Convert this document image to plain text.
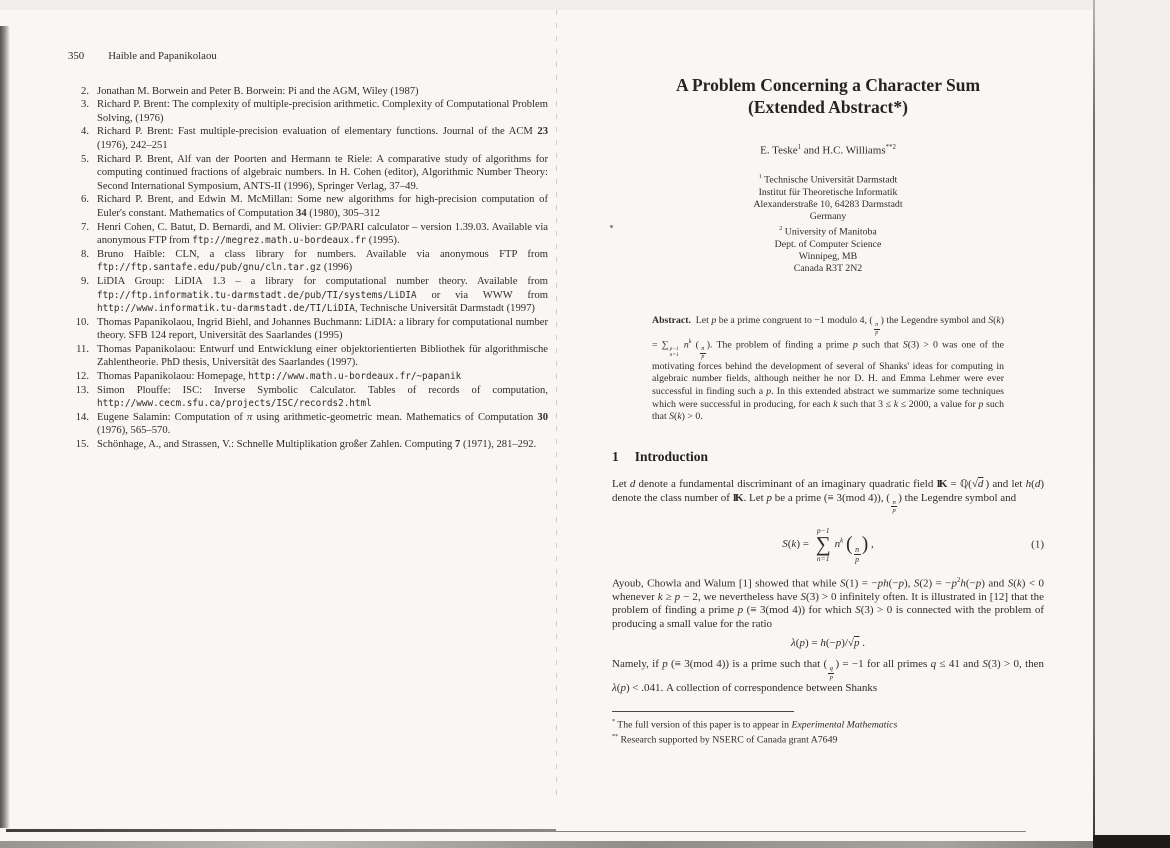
350 Haible and Papanikolaou
2. Jonathan M. Borwein and Peter B. Borwein: Pi and the AGM, Wiley (1987)
3. Richard P. Brent: The complexity of multiple-precision arithmetic. Complexity of Computational Problem Solving, (1976)
4. Richard P. Brent: Fast multiple-precision evaluation of elementary functions. Journal of the ACM 23 (1976), 242–251
5. Richard P. Brent, Alf van der Poorten and Hermann te Riele: A comparative study of algorithms for computing continued fractions of algebraic numbers. In H. Cohen (editor), Algorithmic Number Theory: Second International Symposium, ANTS-II (1996), Springer Verlag, 37–49.
6. Richard P. Brent, and Edwin M. McMillan: Some new algorithms for high-precision computation of Euler's constant. Mathematics of Computation 34 (1980), 305–312
7. Henri Cohen, C. Batut, D. Bernardi, and M. Olivier: GP/PARI calculator – version 1.39.03. Available via anonymous FTP from ftp://megrez.math.u-bordeaux.fr (1995).
8. Bruno Haible: CLN, a class library for numbers. Available via anonymous FTP from ftp://ftp.santafe.edu/pub/gnu/cln.tar.gz (1996)
9. LiDIA Group: LiDIA 1.3 – a library for computational number theory. Available from ftp://ftp.informatik.tu-darmstadt.de/pub/TI/systems/LiDIA or via WWW from http://www.informatik.tu-darmstadt.de/TI/LiDIA, Technische Universität Darmstadt (1997)
10. Thomas Papanikolaou, Ingrid Biehl, and Johannes Buchmann: LiDIA: a library for computational number theory. SFB 124 report, Universität des Saarlandes (1995)
11. Thomas Papanikolaou: Entwurf und Entwicklung einer objektorientierten Bibliothek für algorithmische Zahlentheorie. PhD thesis, Universität des Saarlandes (1997).
12. Thomas Papanikolaou: Homepage, http://www.math.u-bordeaux.fr/~papanik
13. Simon Plouffe: ISC: Inverse Symbolic Calculator. Tables of records of computation, http://www.cecm.sfu.ca/projects/ISC/records2.html
14. Eugene Salamin: Computation of π using arithmetic-geometric mean. Mathematics of Computation 30 (1976), 565–570.
15. Schönhage, A., and Strassen, V.: Schnelle Multiplikation großer Zahlen. Computing 7 (1971), 281–292.
A Problem Concerning a Character Sum
(Extended Abstract*)
E. Teske$^1$ and H.C. Williams$^{**2}$
$^1$ Technische Universität Darmstadt
Institut für Theoretische Informatik
Alexanderstraße 10, 64283 Darmstadt
Germany
$^2$ University of Manitoba
Dept. of Computer Science
Winnipeg, MB
Canada R3T 2N2
Abstract. Let p be a prime congruent to −1 modulo 4, (
$\frac{n}{p}$
) the Legendre symbol and S(k) = ∑ p−1
n=1
$n^k$ (
$\frac{n}{p}$
). The problem of finding a prime p such that S(3) > 0 was one of the motivating forces behind the development of several of Shanks' ideas for computing in algebraic number fields, although neither he nor D. H. and Emma Lehmer were ever successful in finding such a p. In this extended abstract we summarize some techniques which were successful in producing, for each k such that 3 ≤ k ≤ 2000, a value for p such that S(k) > 0.
1 Introduction
Let d denote a fundamental discriminant of an imaginary quadratic field IK = ℚ(√d ) and let h(d) denote the class number of IK . Let p be a prime (≡ 3(mod 4)), (
$\frac{n}{p}$
) the Legendre symbol and
S(k) =
p−1
∑
n=1
$n^k$ ( $\frac{n}{p}$ ) ,	(1)
Ayoub, Chowla and Walum [1] showed that while S(1) = −ph(−p), $S(2) = -p^2h(-p)$ and S(k) < 0 whenever k ≥ p − 2, we nevertheless have S(3) > 0 infinitely often. It is illustrated in [12] that the problem of finding a prime p (≡ 3(mod 4)) for which S(3) > 0 is connected with the problem of producing a small value for the ratio
λ(p) = h(−p)/√p .
Namely, if p (≡ 3(mod 4)) is a prime such that (
$\frac{q}{p}$
) = −1 for all primes q ≤ 41 and S(3) > 0, then λ(p) < .041. A collection of correspondence between Shanks
* The full version of this paper is to appear in Experimental Mathematics
** Research supported by NSERC of Canada grant A7649
